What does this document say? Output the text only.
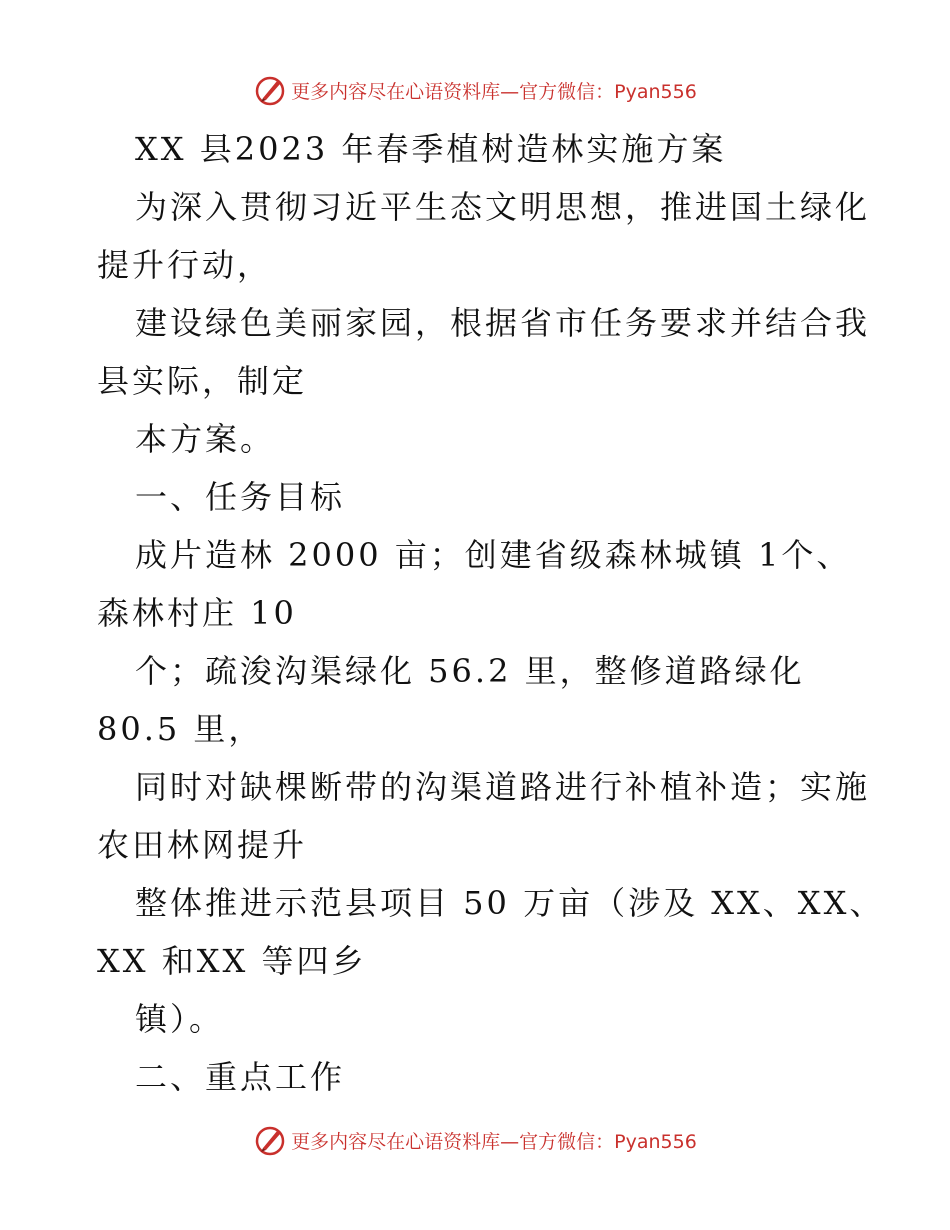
更多内容尽在心语资料库—官方微信：Pyan556
XX 县2023 年春季植树造林实施方案
为深入贯彻习近平生态文明思想，推进国土绿化
提升行动，
建设绿色美丽家园，根据省市任务要求并结合我
县实际，制定
本方案。
一、任务目标
成片造林 2000 亩；创建省级森林城镇 1个、
森林村庄 10
个；疏浚沟渠绿化 56.2 里，整修道路绿化
80.5 里，
同时对缺棵断带的沟渠道路进行补植补造；实施
农田林网提升
整体推进示范县项目 50 万亩（涉及 XX、XX、
XX 和XX 等四乡
镇）。
二、重点工作
更多内容尽在心语资料库—官方微信：Pyan556
